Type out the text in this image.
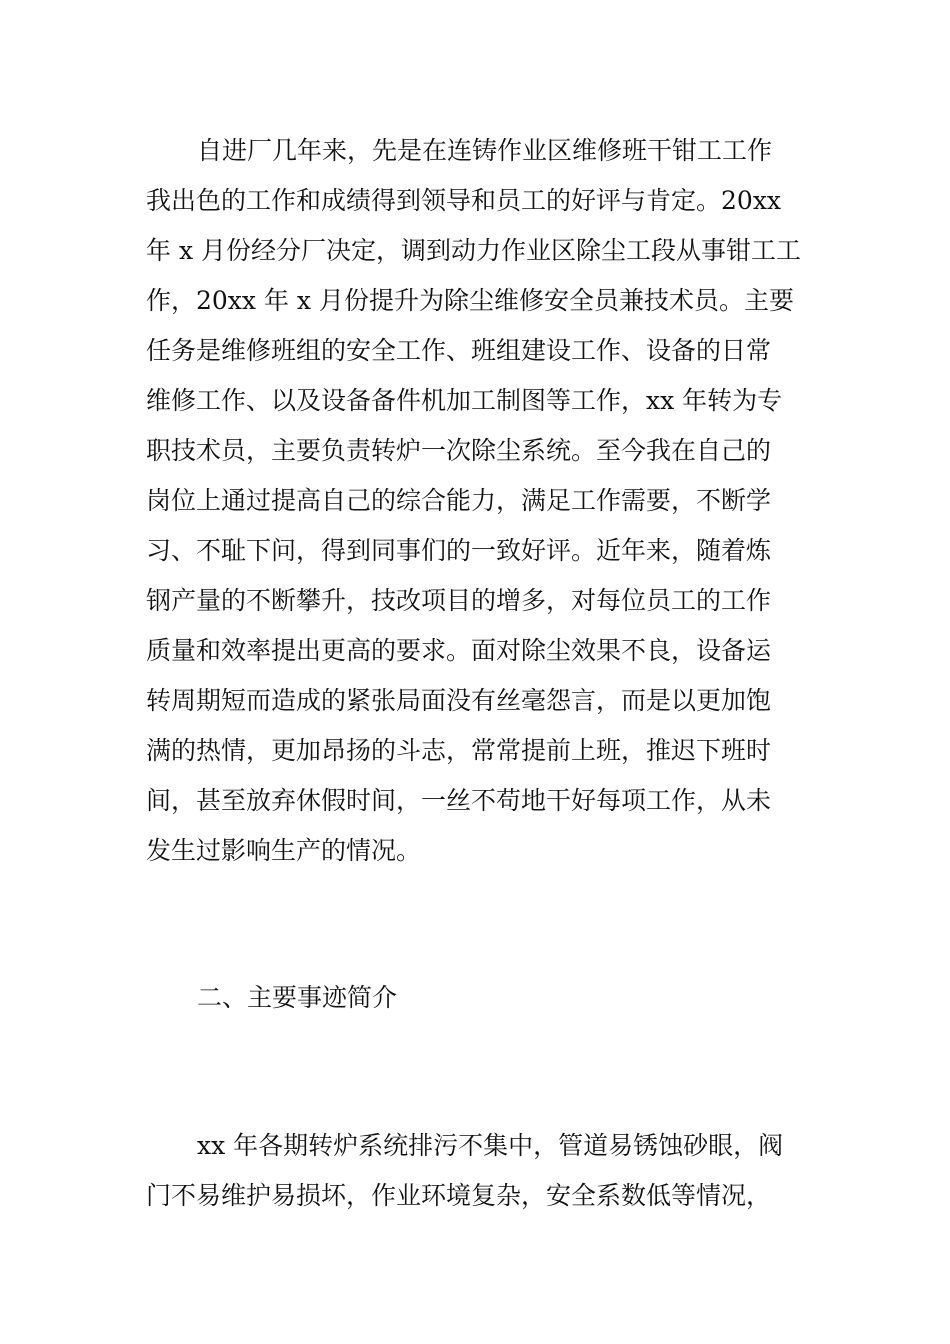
自进厂几年来，先是在连铸作业区维修班干钳工工作
我出色的工作和成绩得到领导和员工的好评与肯定。20xx
年 x 月份经分厂决定，调到动力作业区除尘工段从事钳工工
作，20xx 年 x 月份提升为除尘维修安全员兼技术员。主要
任务是维修班组的安全工作、班组建设工作、设备的日常
维修工作、以及设备备件机加工制图等工作，xx 年转为专
职技术员，主要负责转炉一次除尘系统。至今我在自己的
岗位上通过提高自己的综合能力，满足工作需要，不断学
习、不耻下问，得到同事们的一致好评。近年来，随着炼
钢产量的不断攀升，技改项目的增多，对每位员工的工作
质量和效率提出更高的要求。面对除尘效果不良，设备运
转周期短而造成的紧张局面没有丝毫怨言，而是以更加饱
满的热情，更加昂扬的斗志，常常提前上班，推迟下班时
间，甚至放弃休假时间，一丝不苟地干好每项工作，从未
发生过影响生产的情况。
二、主要事迹简介
xx 年各期转炉系统排污不集中，管道易锈蚀砂眼，阀
门不易维护易损坏，作业环境复杂，安全系数低等情况，
